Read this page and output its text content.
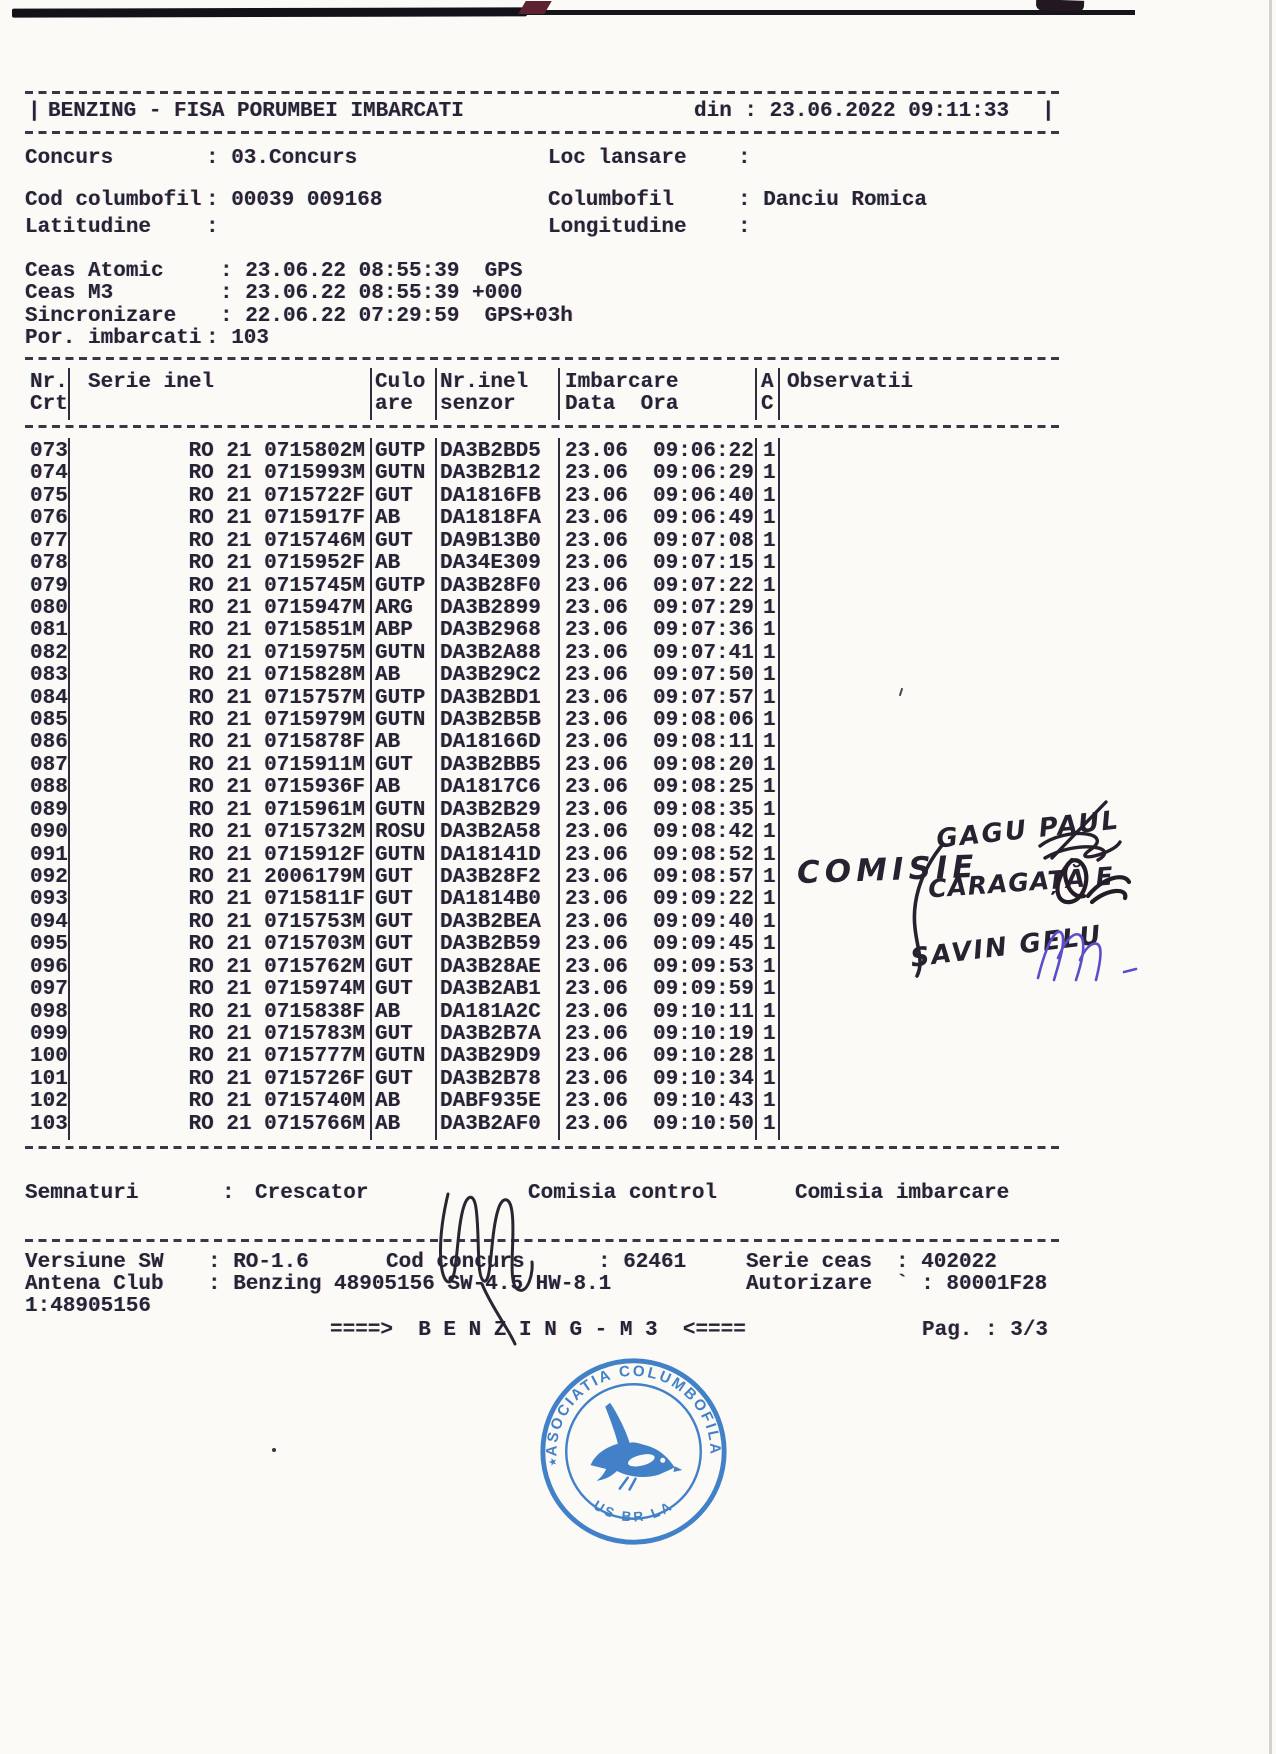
| BENZING - FISA PORUMBEI IMBARCATI	din : 23.06.2022 09:11:33 |
Concurs	: 03.Concurs	Loc lansare :
Cod columbofil : 00039 009168	Columbofil	: Danciu Romica
Latitudine	:	Longitudine :
Ceas Atomic	: 23.06.22 08:55:39  GPS
Ceas M3	: 23.06.22 08:55:39 +000
Sincronizare : 22.06.22 07:29:59  GPS+03h
Por. imbarcati : 103
Nr. Serie inel	Culo Nr.inel Imbarcare	A Observatii
Crt	are senzor Data  Ora	C
073	RO 21 0715802M GUTP DA3B2BD5 23.06 09:06:22 1
074	RO 21 0715993M GUTN DA3B2B12 23.06 09:06:29 1
075	RO 21 0715722F GUT DA1816FB 23.06 09:06:40 1
076	RO 21 0715917F AB DA1818FA 23.06 09:06:49 1
077	RO 21 0715746M GUT DA9B13B0 23.06 09:07:08 1
078	RO 21 0715952F AB DA34E309 23.06 09:07:15 1
079	RO 21 0715745M GUTP DA3B28F0 23.06 09:07:22 1
080	RO 21 0715947M ARG DA3B2899 23.06 09:07:29 1
081	RO 21 0715851M ABP DA3B2968 23.06 09:07:36 1
082	RO 21 0715975M GUTN DA3B2A88 23.06 09:07:41 1
083	RO 21 0715828M AB DA3B29C2 23.06 09:07:50 1
084	RO 21 0715757M GUTP DA3B2BD1 23.06 09:07:57 1
085	RO 21 0715979M GUTN DA3B2B5B 23.06 09:08:06 1
086	RO 21 0715878F AB DA18166D 23.06 09:08:11 1
087	RO 21 0715911M GUT DA3B2BB5 23.06 09:08:20 1
088	RO 21 0715936F AB DA1817C6 23.06 09:08:25 1
089	RO 21 0715961M GUTN DA3B2B29 23.06 09:08:35 1
090	RO 21 0715732M ROSU DA3B2A58 23.06 09:08:42 1
091	RO 21 0715912F GUTN DA18141D 23.06 09:08:52 1
092	RO 21 2006179M GUT DA3B28F2 23.06 09:08:57 1
093	RO 21 0715811F GUT DA1814B0 23.06 09:09:22 1
094	RO 21 0715753M GUT DA3B2BEA 23.06 09:09:40 1
095	RO 21 0715703M GUT DA3B2B59 23.06 09:09:45 1
096	RO 21 0715762M GUT DA3B28AE 23.06 09:09:53 1
097	RO 21 0715974M GUT DA3B2AB1 23.06 09:09:59 1
098	RO 21 0715838F AB DA181A2C 23.06 09:10:11 1
099	RO 21 0715783M GUT DA3B2B7A 23.06 09:10:19 1
100	RO 21 0715777M GUTN DA3B29D9 23.06 09:10:28 1
101	RO 21 0715726F GUT DA3B2B78 23.06 09:10:34 1
102	RO 21 0715740M AB DABF935E 23.06 09:10:43 1
103	RO 21 0715766M AB DA3B2AF0 23.06 09:10:50 1
COMISIE
GAGU PAUL
CARAGAȚĂ E
SAVIN GELU
Semnaturi	: Crescator	Comisia control	Comisia imbarcare
Versiune SW : RO-1.6	Cod concurs	: 62461	Serie ceas : 402022
Antena Club : Benzing 48905156 SW-4.5 HW-8.1	Autorizare ` : 80001F28
1:48905156
====>  B E N Z I N G - M 3  <====	Pag. : 3/3
ASOCIATIA COLUMBOFILA
US BR LA
★
